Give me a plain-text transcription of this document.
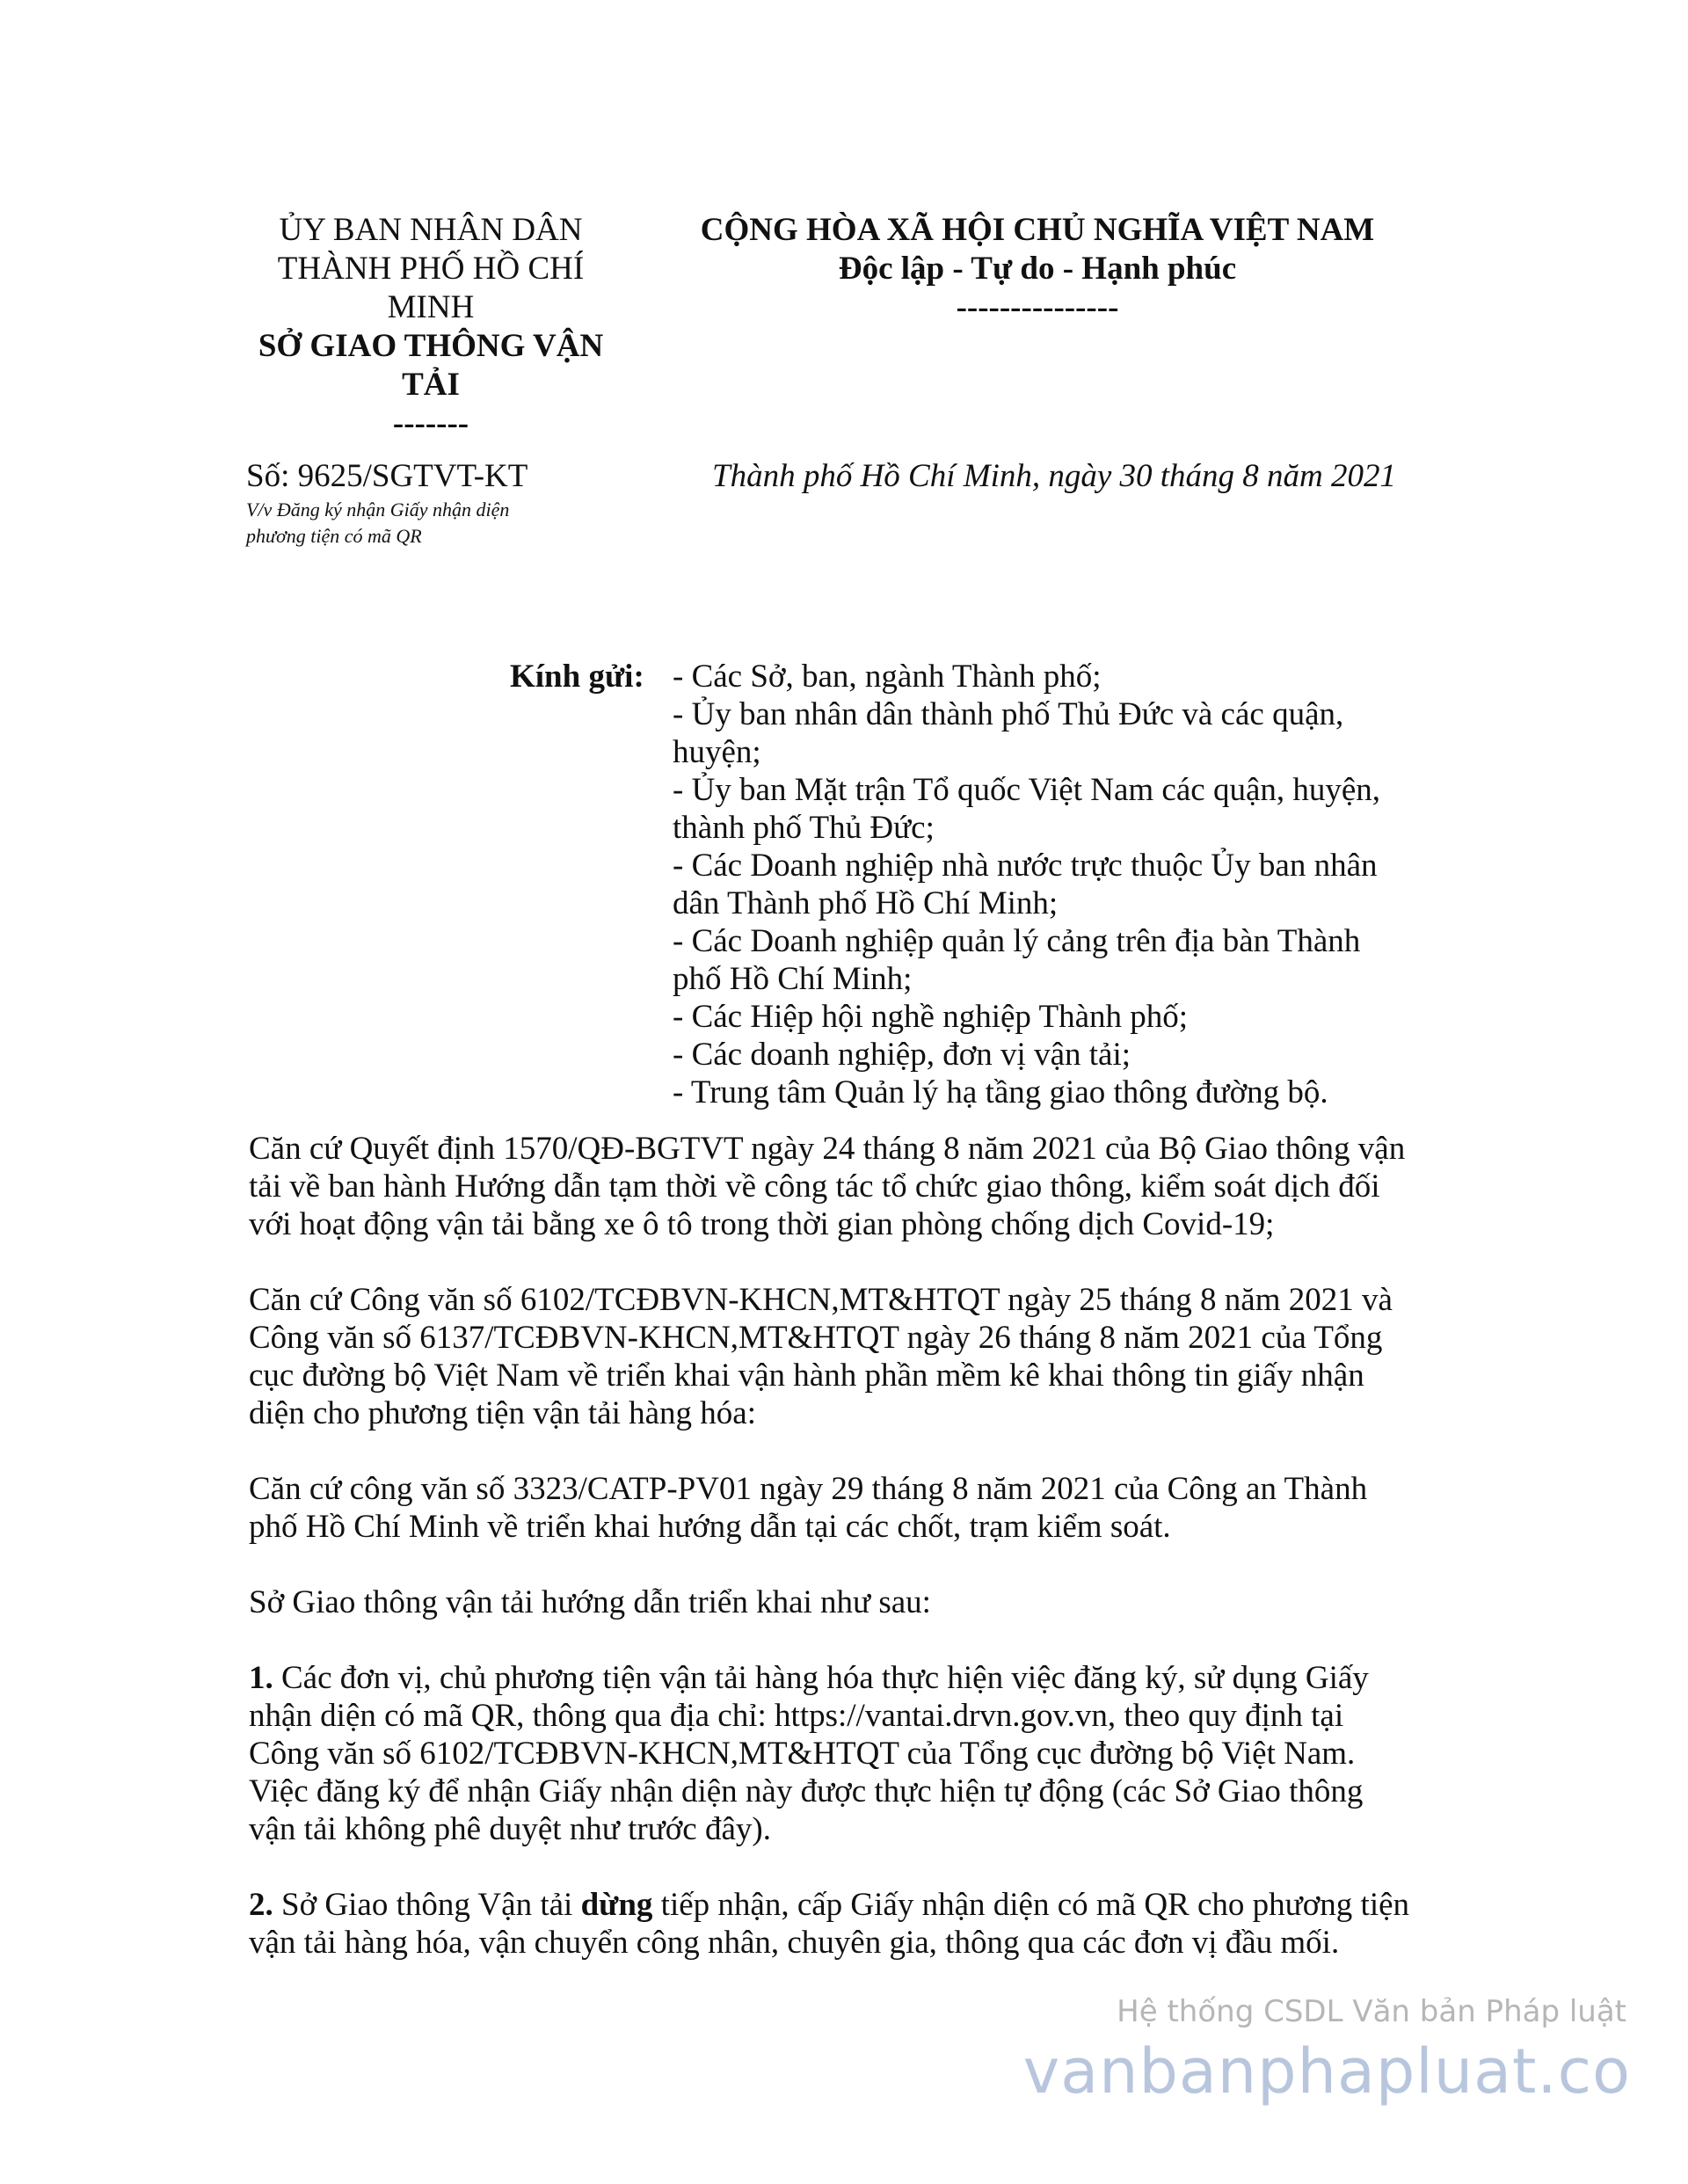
ỦY BAN NHÂN DÂN
THÀNH PHỐ HỒ CHÍ
MINH
SỞ GIAO THÔNG VẬN
TẢI
-------
CỘNG HÒA XÃ HỘI CHỦ NGHĨA VIỆT NAM
Độc lập - Tự do - Hạnh phúc
---------------
Số: 9625/SGTVT-KT
V/v Đăng ký nhận Giấy nhận diện
phương tiện có mã QR
Thành phố Hồ Chí Minh, ngày 30 tháng 8 năm 2021
Kính gửi: - Các Sở, ban, ngành Thành phố;
- Ủy ban nhân dân thành phố Thủ Đức và các quận,
huyện;
- Ủy ban Mặt trận Tổ quốc Việt Nam các quận, huyện,
thành phố Thủ Đức;
- Các Doanh nghiệp nhà nước trực thuộc Ủy ban nhân
dân Thành phố Hồ Chí Minh;
- Các Doanh nghiệp quản lý cảng trên địa bàn Thành
phố Hồ Chí Minh;
- Các Hiệp hội nghề nghiệp Thành phố;
- Các doanh nghiệp, đơn vị vận tải;
- Trung tâm Quản lý hạ tầng giao thông đường bộ.

Căn cứ Quyết định 1570/QĐ-BGTVT ngày 24 tháng 8 năm 2021 của Bộ Giao thông vận
tải về ban hành Hướng dẫn tạm thời về công tác tổ chức giao thông, kiểm soát dịch đối
với hoạt động vận tải bằng xe ô tô trong thời gian phòng chống dịch Covid-19;

Căn cứ Công văn số 6102/TCĐBVN-KHCN,MT&HTQT ngày 25 tháng 8 năm 2021 và
Công văn số 6137/TCĐBVN-KHCN,MT&HTQT ngày 26 tháng 8 năm 2021 của Tổng
cục đường bộ Việt Nam về triển khai vận hành phần mềm kê khai thông tin giấy nhận
diện cho phương tiện vận tải hàng hóa:

Căn cứ công văn số 3323/CATP-PV01 ngày 29 tháng 8 năm 2021 của Công an Thành
phố Hồ Chí Minh về triển khai hướng dẫn tại các chốt, trạm kiểm soát.

Sở Giao thông vận tải hướng dẫn triển khai như sau:

1. Các đơn vị, chủ phương tiện vận tải hàng hóa thực hiện việc đăng ký, sử dụng Giấy
nhận diện có mã QR, thông qua địa chỉ: https://vantai.drvn.gov.vn, theo quy định tại
Công văn số 6102/TCĐBVN-KHCN,MT&HTQT của Tổng cục đường bộ Việt Nam.
Việc đăng ký để nhận Giấy nhận diện này được thực hiện tự động (các Sở Giao thông
vận tải không phê duyệt như trước đây).

2. Sở Giao thông Vận tải dừng tiếp nhận, cấp Giấy nhận diện có mã QR cho phương tiện
vận tải hàng hóa, vận chuyển công nhân, chuyên gia, thông qua các đơn vị đầu mối.

Hệ thống CSDL Văn bản Pháp luật
vanbanphapluat.co
